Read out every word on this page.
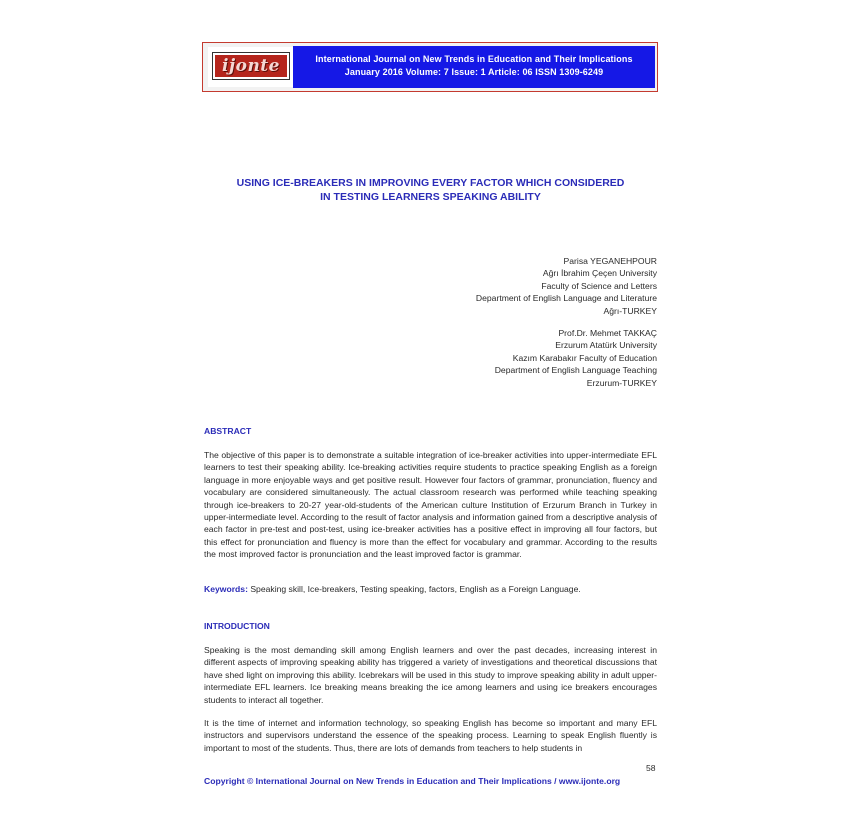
ijonte	International Journal on New Trends in Education and Their Implications
January 2016 Volume: 7 Issue: 1 Article: 06 ISSN 1309-6249
USING ICE-BREAKERS IN IMPROVING EVERY FACTOR WHICH CONSIDERED
IN TESTING LEARNERS SPEAKING ABILITY
Parisa YEGANEHPOUR
Ağrı İbrahim Çeçen University
Faculty of Science and Letters
Department of English Language and Literature
Ağrı-TURKEY
Prof.Dr. Mehmet TAKKAÇ
Erzurum Atatürk University
Kazım Karabakır Faculty of Education
Department of English Language Teaching
Erzurum-TURKEY
ABSTRACT
The objective of this paper is to demonstrate a suitable integration of ice-breaker activities into upper-intermediate EFL learners to test their speaking ability. Ice-breaking activities require students to practice speaking English as a foreign language in more enjoyable ways and get positive result. However four factors of grammar, pronunciation, fluency and vocabulary are considered simultaneously. The actual classroom research was performed while teaching speaking through ice-breakers to 20-27 year-old-students of the American culture Institution of Erzurum Branch in Turkey in upper-intermediate level. According to the result of factor analysis and information gained from a descriptive analysis of each factor in pre-test and post-test, using ice-breaker activities has a positive effect in improving all four factors, but this effect for pronunciation and fluency is more than the effect for vocabulary and grammar. According to the results the most improved factor is pronunciation and the least improved factor is grammar.
Keywords: Speaking skill, Ice-breakers, Testing speaking, factors, English as a Foreign Language.
INTRODUCTION
Speaking is the most demanding skill among English learners and over the past decades, increasing interest in different aspects of improving speaking ability has triggered a variety of investigations and theoretical discussions that have shed light on improving this ability. Icebrekars will be used in this study to improve speaking ability in adult upper-intermediate EFL learners. Ice breaking means breaking the ice among learners and using ice breakers encourages students to interact all together.
It is the time of internet and information technology, so speaking English has become so important and many EFL instructors and supervisors understand the essence of the speaking process. Learning to speak English fluently is important to most of the students. Thus, there are lots of demands from teachers to help students in
58
Copyright © International Journal on New Trends in Education and Their Implications / www.ijonte.org
